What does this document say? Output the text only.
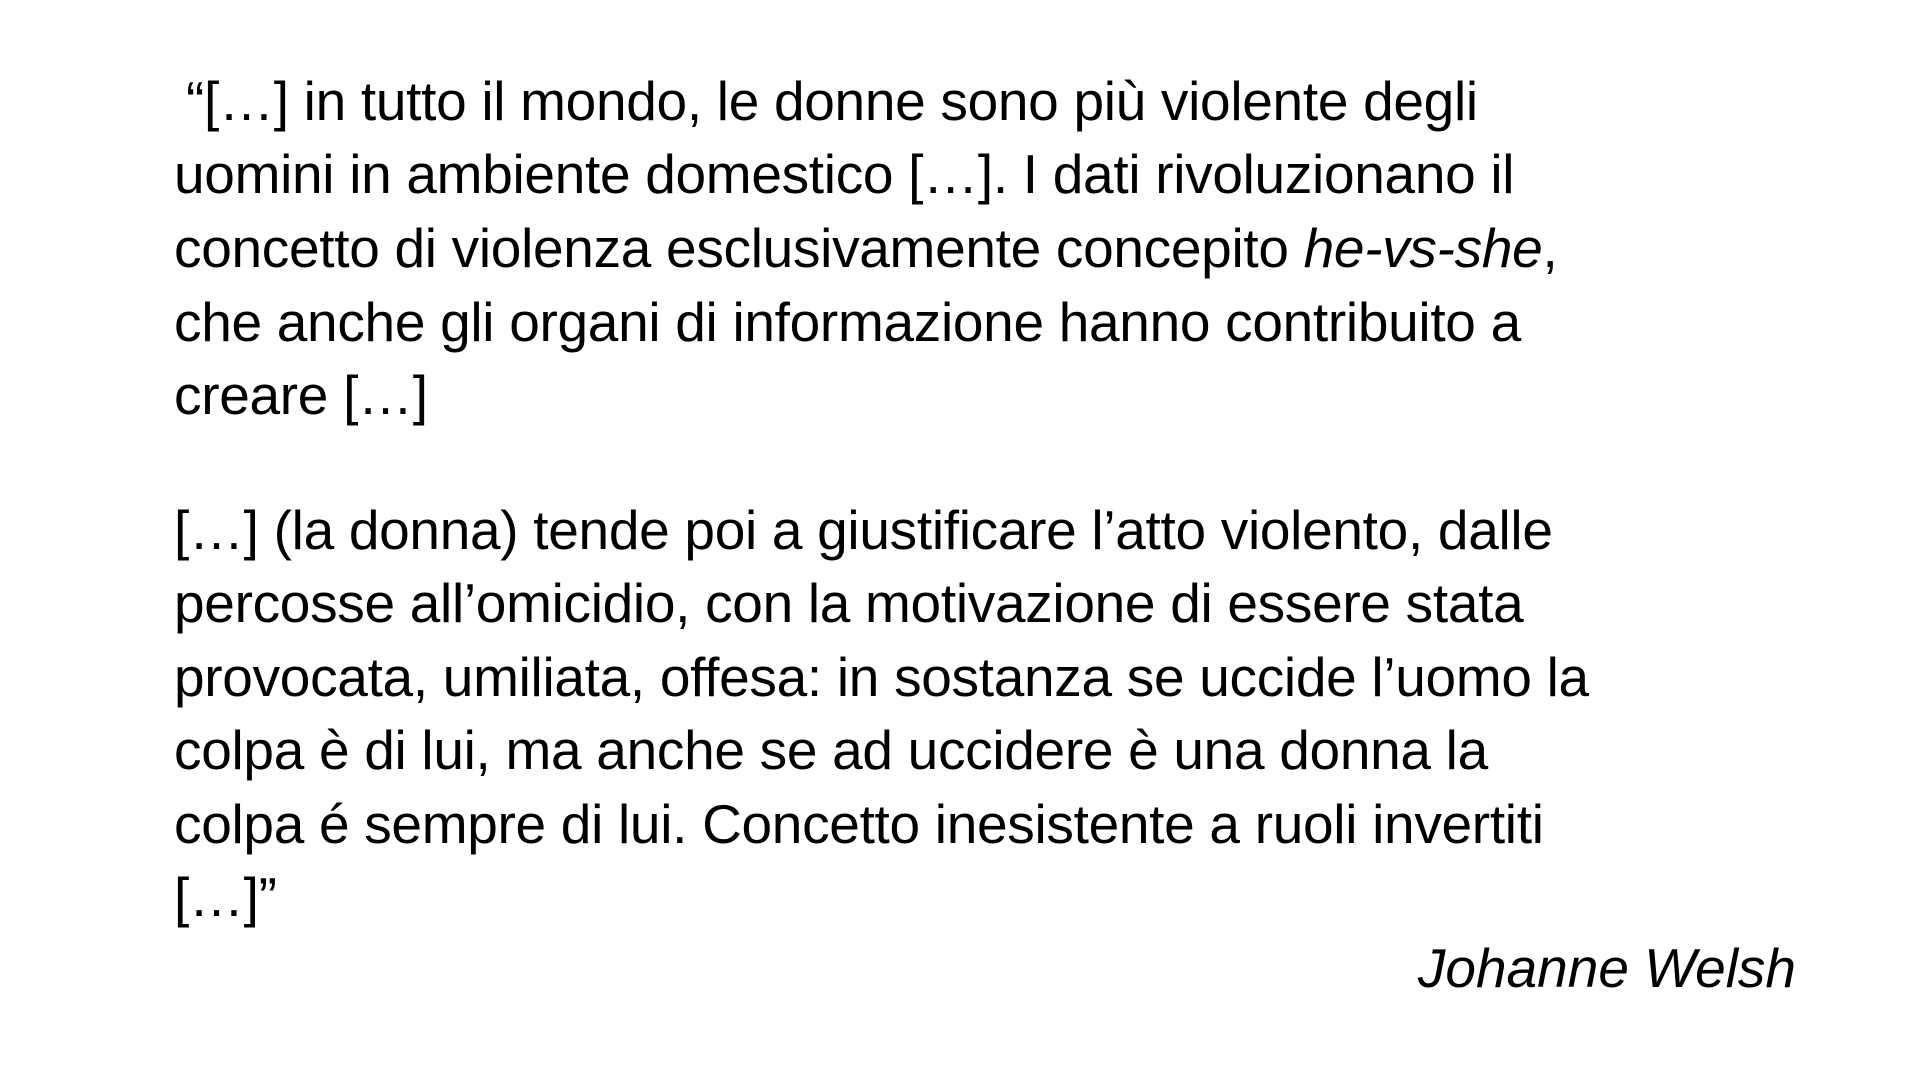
“[…] in tutto il mondo, le donne sono più violente degli
uomini in ambiente domestico […]. I dati rivoluzionano il
concetto di violenza esclusivamente concepito he-vs-she,
che anche gli organi di informazione hanno contribuito a
creare […]
[…] (la donna) tende poi a giustificare l’atto violento, dalle
percosse all’omicidio, con la motivazione di essere stata
provocata, umiliata, offesa: in sostanza se uccide l’uomo la
colpa è di lui, ma anche se ad uccidere è una donna la
colpa é sempre di lui. Concetto inesistente a ruoli invertiti
[…]”
Johanne Welsh
